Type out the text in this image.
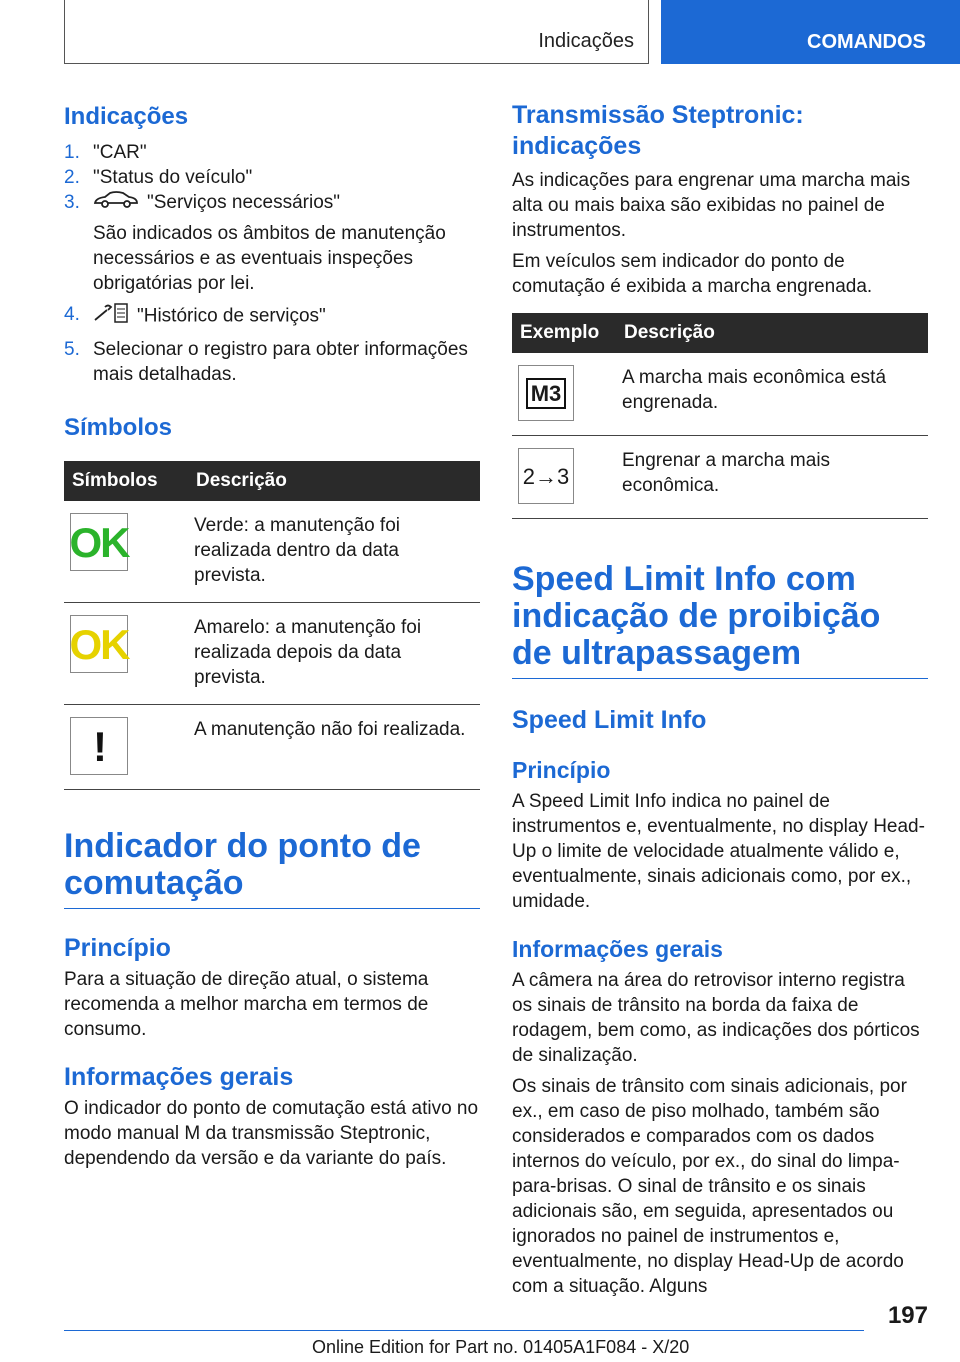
Indicações	COMANDOS
Indicações
1. "CAR"
2. "Status do veículo"
3.	"Serviços necessários"
São indicados os âmbitos de manutenção necessários e as eventuais inspeções obrigatórias por lei.
4.	"Histórico de serviços"
5. Selecionar o registro para obter informações mais detalhadas.
Símbolos
Símbolos	Descrição

OK	Verde: a manutenção foi realizada dentro da data prevista.

OK	Amarelo: a manutenção foi realizada depois da data prevista.

!	A manutenção não foi realizada.
Indicador do ponto de comutação
Princípio

Para a situação de direção atual, o sistema recomenda a melhor marcha em termos de consumo.

Informações gerais

O indicador do ponto de comutação está ativo no modo manual M da transmissão Steptronic, dependendo da versão e da variante do país.

Transmissão Steptronic: indicações

As indicações para engrenar uma marcha mais alta ou mais baixa são exibidas no painel de instrumentos.

Em veículos sem indicador do ponto de comutação é exibida a marcha engrenada.

Exemplo	Descrição

M3	A marcha mais econômica está engrenada.

2→3	Engrenar a marcha mais econômica.
Speed Limit Info com indicação de proibição de ultrapassagem
Speed Limit Info
Princípio

A Speed Limit Info indica no painel de instrumentos e, eventualmente, no display Head-Up o limite de velocidade atualmente válido e, eventualmente, sinais adicionais como, por ex., umidade.

Informações gerais

A câmera na área do retrovisor interno registra os sinais de trânsito na borda da faixa de rodagem, bem como, as indicações dos pórticos de sinalização.

Os sinais de trânsito com sinais adicionais, por ex., em caso de piso molhado, também são considerados e comparados com os dados internos do veículo, por ex., do sinal do limpa-para-brisas. O sinal de trânsito e os sinais adicionais são, em seguida, apresentados ou ignorados no painel de instrumentos e, eventualmente, no display Head-Up de acordo com a situação. Alguns

197
Online Edition for Part no. 01405A1F084 - X/20
